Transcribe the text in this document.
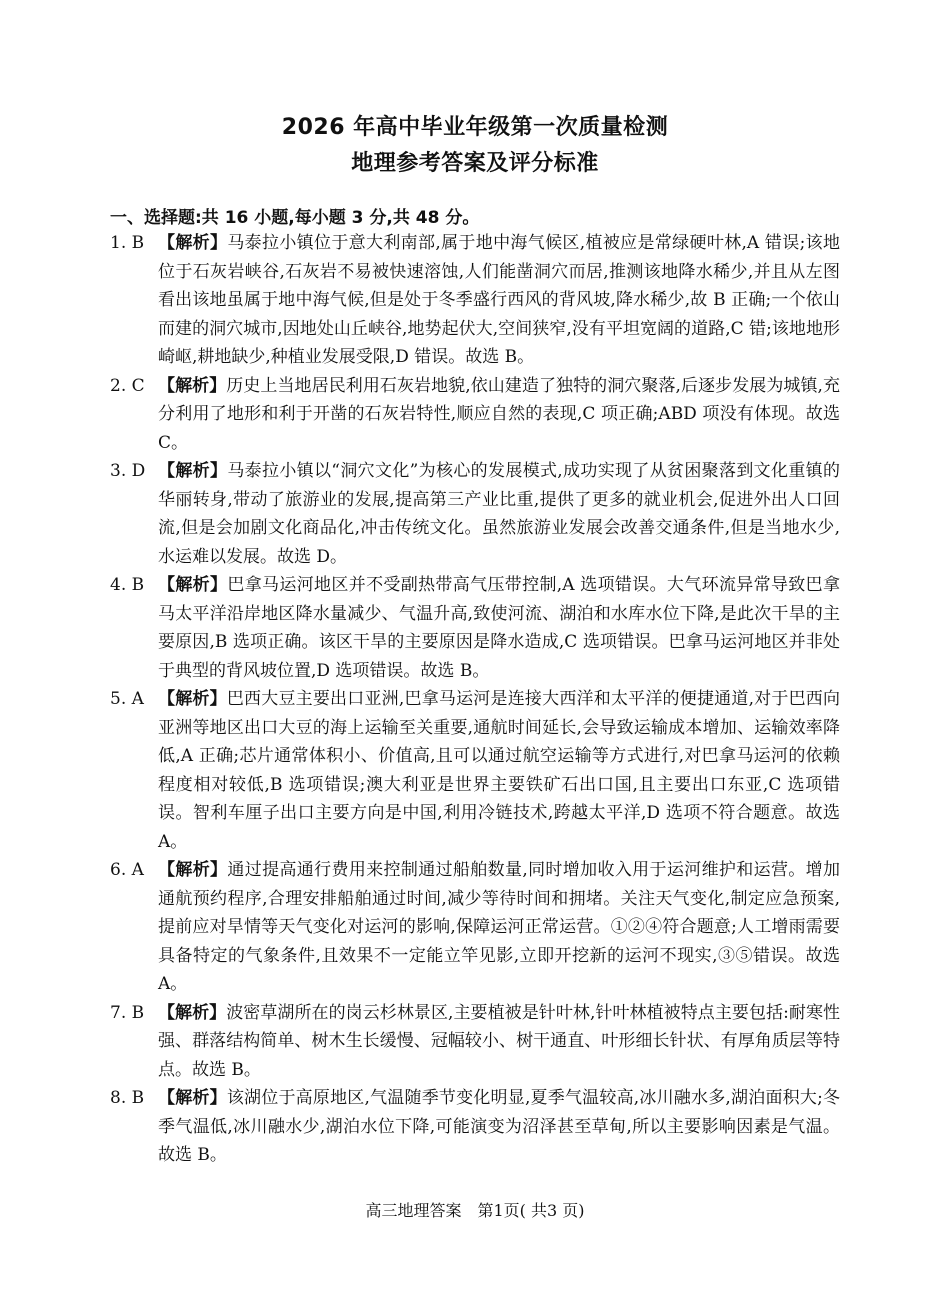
2026 年高中毕业年级第一次质量检测
地理参考答案及评分标准
一、选择题:共 16 小题,每小题 3 分,共 48 分。
1. B 【解析】马泰拉小镇位于意大利南部,属于地中海气候区,植被应是常绿硬叶林,A 错误;该地位于石灰岩峡谷,石灰岩不易被快速溶蚀,人们能凿洞穴而居,推测该地降水稀少,并且从左图看出该地虽属于地中海气候,但是处于冬季盛行西风的背风坡,降水稀少,故 B 正确;一个依山而建的洞穴城市,因地处山丘峡谷,地势起伏大,空间狭窄,没有平坦宽阔的道路,C 错;该地地形崎岖,耕地缺少,种植业发展受限,D 错误。故选 B。
2. C 【解析】历史上当地居民利用石灰岩地貌,依山建造了独特的洞穴聚落,后逐步发展为城镇,充分利用了地形和利于开凿的石灰岩特性,顺应自然的表现,C 项正确;ABD 项没有体现。故选 C。
3. D 【解析】马泰拉小镇以“洞穴文化”为核心的发展模式,成功实现了从贫困聚落到文化重镇的华丽转身,带动了旅游业的发展,提高第三产业比重,提供了更多的就业机会,促进外出人口回流,但是会加剧文化商品化,冲击传统文化。虽然旅游业发展会改善交通条件,但是当地水少,水运难以发展。故选 D。
4. B 【解析】巴拿马运河地区并不受副热带高气压带控制,A 选项错误。大气环流异常导致巴拿马太平洋沿岸地区降水量减少、气温升高,致使河流、湖泊和水库水位下降,是此次干旱的主要原因,B 选项正确。该区干旱的主要原因是降水造成,C 选项错误。巴拿马运河地区并非处于典型的背风坡位置,D 选项错误。故选 B。
5. A 【解析】巴西大豆主要出口亚洲,巴拿马运河是连接大西洋和太平洋的便捷通道,对于巴西向亚洲等地区出口大豆的海上运输至关重要,通航时间延长,会导致运输成本增加、运输效率降低,A 正确;芯片通常体积小、价值高,且可以通过航空运输等方式进行,对巴拿马运河的依赖程度相对较低,B 选项错误;澳大利亚是世界主要铁矿石出口国,且主要出口东亚,C 选项错误。智利车厘子出口主要方向是中国,利用冷链技术,跨越太平洋,D 选项不符合题意。故选 A。
6. A 【解析】通过提高通行费用来控制通过船舶数量,同时增加收入用于运河维护和运营。增加通航预约程序,合理安排船舶通过时间,减少等待时间和拥堵。关注天气变化,制定应急预案,提前应对旱情等天气变化对运河的影响,保障运河正常运营。①②④符合题意;人工增雨需要具备特定的气象条件,且效果不一定能立竿见影,立即开挖新的运河不现实,③⑤错误。故选 A。
7. B 【解析】波密草湖所在的岗云杉林景区,主要植被是针叶林,针叶林植被特点主要包括:耐寒性强、群落结构简单、树木生长缓慢、冠幅较小、树干通直、叶形细长针状、有厚角质层等特点。故选 B。
8. B 【解析】该湖位于高原地区,气温随季节变化明显,夏季气温较高,冰川融水多,湖泊面积大;冬季气温低,冰川融水少,湖泊水位下降,可能演变为沼泽甚至草甸,所以主要影响因素是气温。故选 B。
高三地理答案　第1页( 共3 页)
